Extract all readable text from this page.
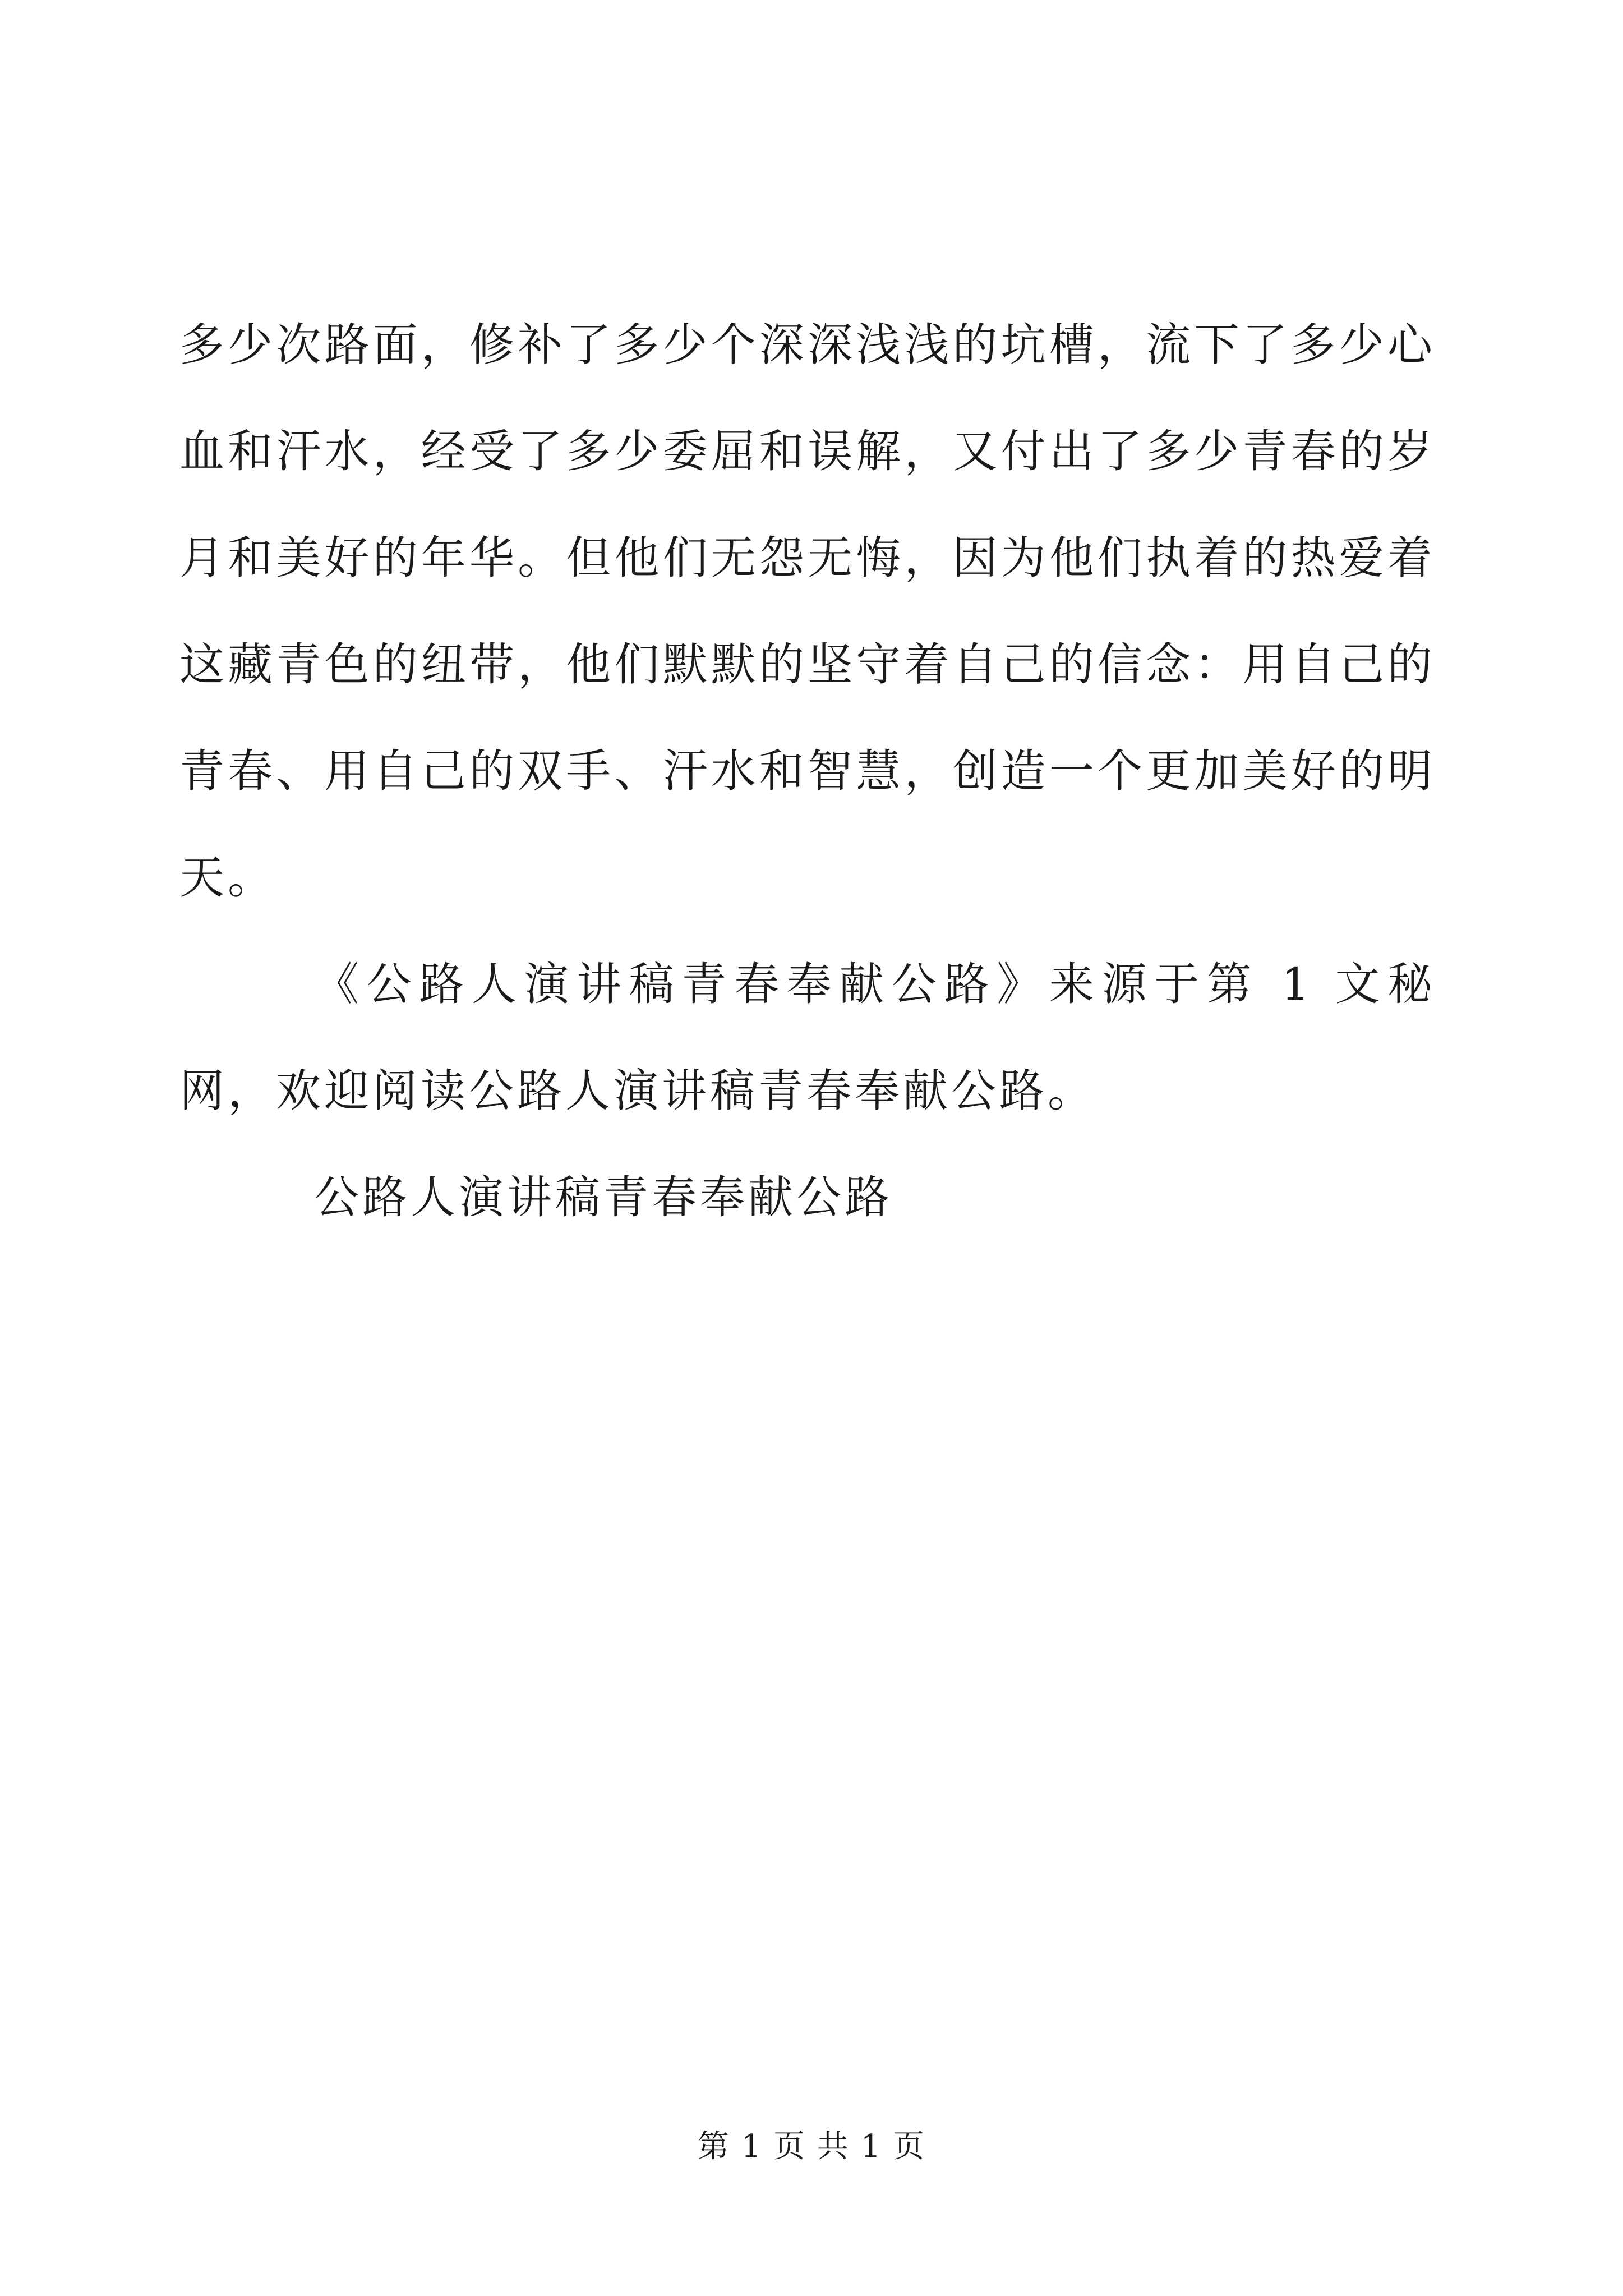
多少次路面，修补了多少个深深浅浅的坑槽，流下了多少心血和汗水，经受了多少委屈和误解，又付出了多少青春的岁月和美好的年华。但他们无怨无悔，因为他们执着的热爱着这藏青色的纽带，他们默默的坚守着自己的信念：用自己的青春、用自己的双手、汗水和智慧，创造一个更加美好的明天。

《公路人演讲稿青春奉献公路》来源于第 1 文秘网，欢迎阅读公路人演讲稿青春奉献公路。

公路人演讲稿青春奉献公路

第 1 页 共 1 页
